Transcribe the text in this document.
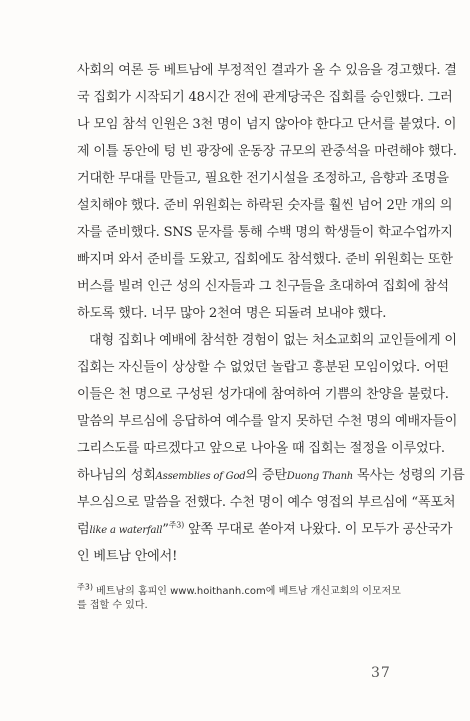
사회의 여론 등 베트남에 부정적인 결과가 올 수 있음을 경고했다. 결
국 집회가 시작되기 48시간 전에 관계당국은 집회를 승인했다. 그러
나 모임 참석 인원은 3천 명이 넘지 않아야 한다고 단서를 붙였다. 이
제 이틀 동안에 텅 빈 광장에 운동장 규모의 관중석을 마련해야 했다.
거대한 무대를 만들고, 필요한 전기시설을 조정하고, 음향과 조명을
설치해야 했다. 준비 위원회는 하락된 숫자를 훨씬 넘어 2만 개의 의
자를 준비했다. SNS 문자를 통해 수백 명의 학생들이 학교수업까지
빠지며 와서 준비를 도왔고, 집회에도 참석했다. 준비 위원회는 또한
버스를 빌려 인근 성의 신자들과 그 친구들을 초대하여 집회에 참석
하도록 했다. 너무 많아 2천여 명은 되돌려 보내야 했다.
대형 집회나 예배에 참석한 경험이 없는 처소교회의 교인들에게 이
집회는 자신들이 상상할 수 없었던 놀랍고 흥분된 모임이었다. 어떤
이들은 천 명으로 구성된 성가대에 참여하여 기쁨의 찬양을 불렀다.
말씀의 부르심에 응답하여 예수를 알지 못하던 수천 명의 예배자들이
그리스도를 따르겠다고 앞으로 나아올 때 집회는 절정을 이루었다.
하나님의 성회Assemblies of God의 증탄Duong Thanh 목사는 성령의 기름
부으심으로 말씀을 전했다. 수천 명이 예수 영접의 부르심에 “폭포처
럼like a waterfall”$^{주3)}$ 앞쪽 무대로 쏟아져 나왔다. 이 모두가 공산국가
인 베트남 안에서!
$^{주3)}$ 베트남의 홈피인 www.hoithanh.com에 베트남 개신교회의 이모저모를 접할 수 있다.
37
